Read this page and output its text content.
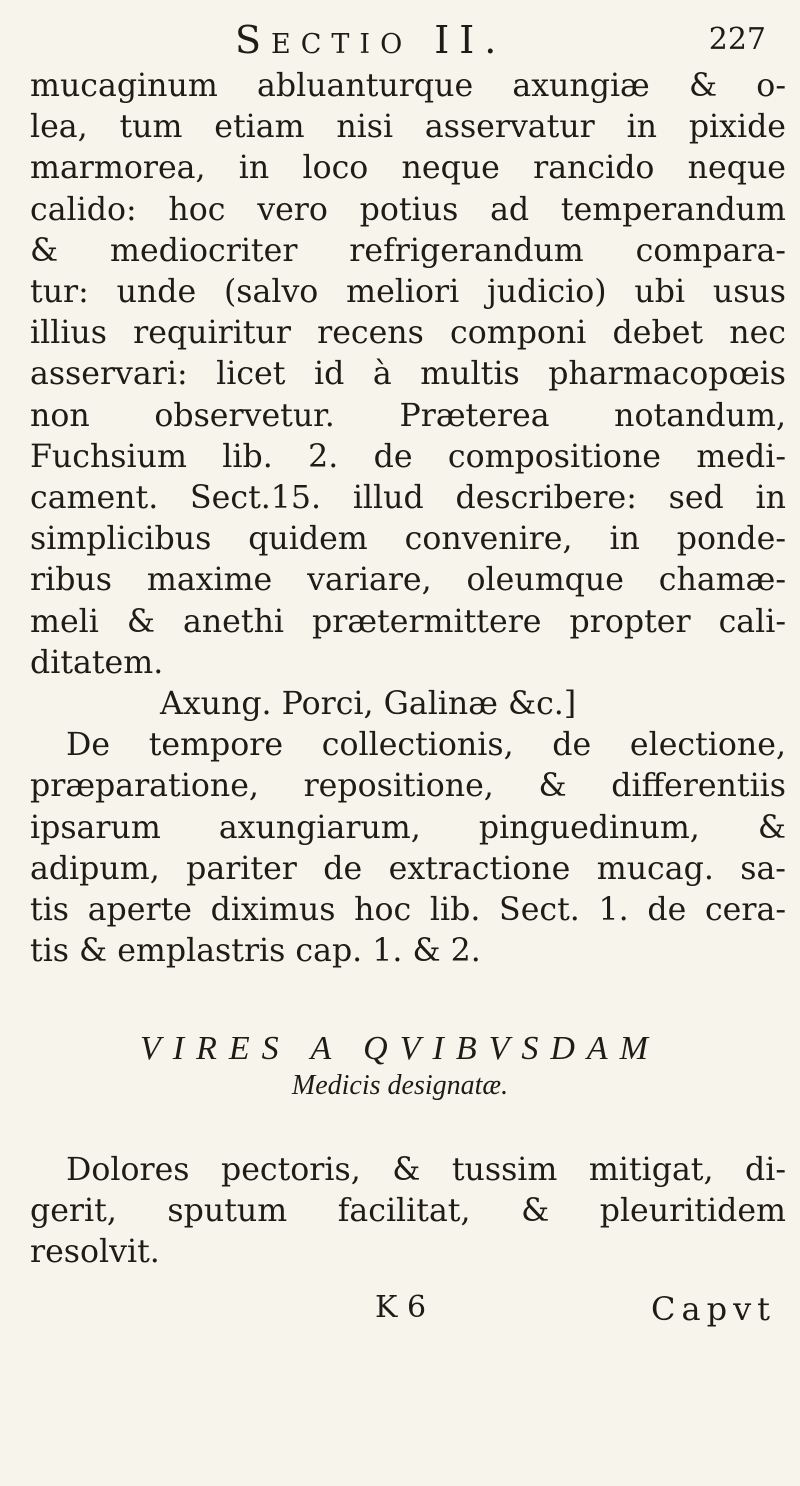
Sectio II.	227
mucaginum abluanturque axungiæ & o-
lea, tum etiam nisi asservatur in pixide
marmorea, in loco neque rancido neque
calido: hoc vero potius ad temperandum
& mediocriter refrigerandum compara-
tur: unde (salvo meliori judicio) ubi usus
illius requiritur recens componi debet nec
asservari: licet id à multis pharmacopœis
non observetur. Præterea notandum,
Fuchsium lib. 2. de compositione medi-
cament. Sect.15. illud describere: sed in
simplicibus quidem convenire, in ponde-
ribus maxime variare, oleumque chamæ-
meli & anethi prætermittere propter cali-
ditatem.
Axung. Porci, Galinæ &c.]
De tempore collectionis, de electione,
præparatione, repositione, & differentiis
ipsarum axungiarum, pinguedinum, &
adipum, pariter de extractione mucag. sa-
tis aperte diximus hoc lib. Sect. 1. de cera-
tis & emplastris cap. 1. & 2.
VIRES A QVIBVSDAM
Medicis designatæ.
Dolores pectoris, & tussim mitigat, di-
gerit, sputum facilitat, & pleuritidem
resolvit.
K 6	Capvt
